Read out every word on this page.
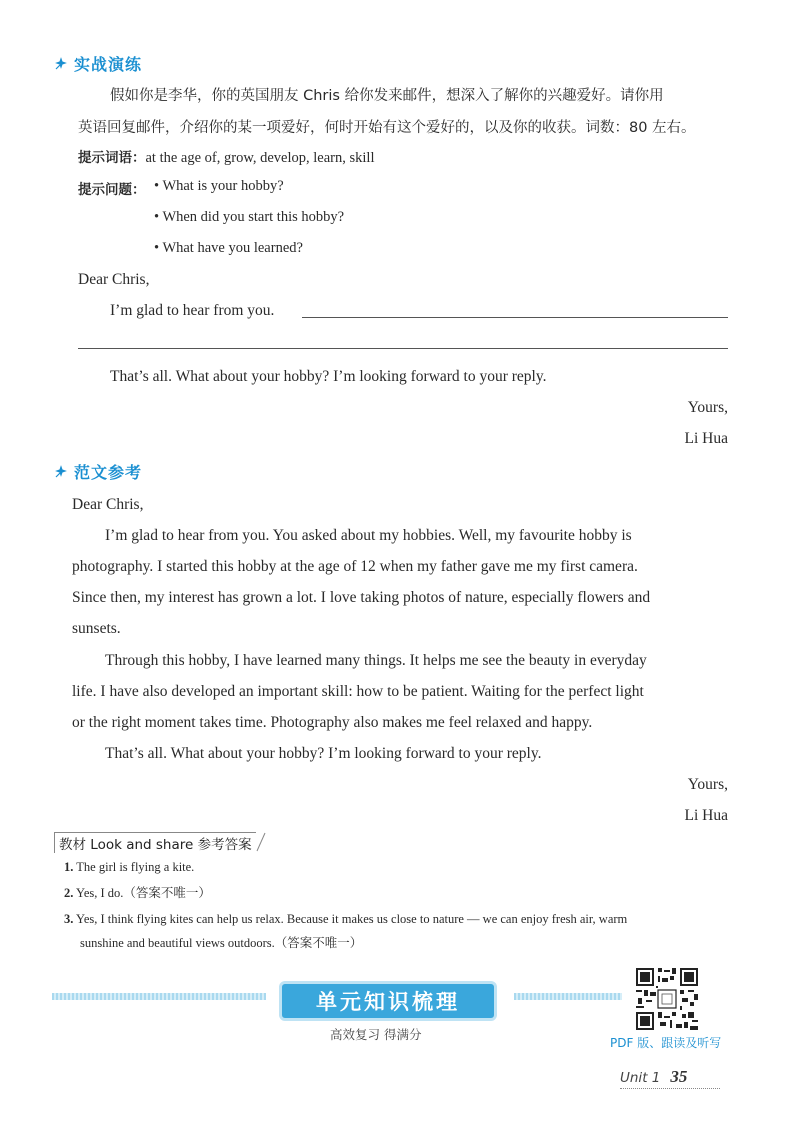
实战演练
假如你是李华，你的英国朋友 Chris 给你发来邮件，想深入了解你的兴趣爱好。请你用
英语回复邮件，介绍你的某一项爱好，何时开始有这个爱好的，以及你的收获。词数：80 左右。
提示词语：at the age of, grow, develop, learn, skill
提示问题： • What is your hobby?
• When did you start this hobby?
• What have you learned?
Dear Chris,
I’m glad to hear from you.
That’s all. What about your hobby? I’m looking forward to your reply.
Yours,
Li Hua
范文参考
Dear Chris,
I’m glad to hear from you. You asked about my hobbies. Well, my favourite hobby is
photography. I started this hobby at the age of 12 when my father gave me my first camera.
Since then, my interest has grown a lot. I love taking photos of nature, especially flowers and
sunsets.
Through this hobby, I have learned many things. It helps me see the beauty in everyday
life. I have also developed an important skill: how to be patient. Waiting for the perfect light
or the right moment takes time. Photography also makes me feel relaxed and happy.
That’s all. What about your hobby? I’m looking forward to your reply.
Yours,
Li Hua
教材 Look and share 参考答案
1. The girl is flying a kite.
2. Yes, I do.（答案不唯一）
3. Yes, I think flying kites can help us relax. Because it makes us close to nature — we can enjoy fresh air, warm
sunshine and beautiful views outdoors.（答案不唯一）
单元知识梳理
高效复习 得满分
PDF 版、跟读及听写
Unit 1 35
